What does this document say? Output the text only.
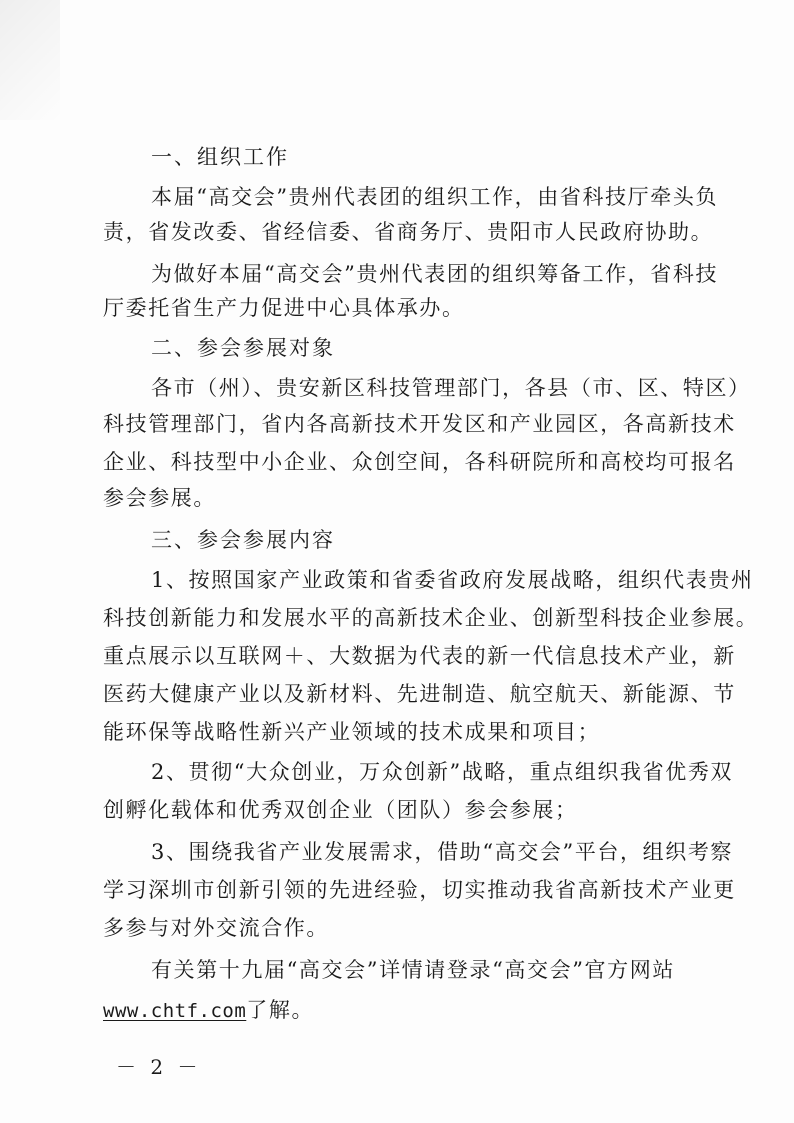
一、组织工作
本届“高交会”贵州代表团的组织工作，由省科技厅牵头负
责，省发改委、省经信委、省商务厅、贵阳市人民政府协助。
为做好本届“高交会”贵州代表团的组织筹备工作，省科技
厅委托省生产力促进中心具体承办。
二、参会参展对象
各市（州）、贵安新区科技管理部门，各县（市、区、特区）
科技管理部门，省内各高新技术开发区和产业园区，各高新技术
企业、科技型中小企业、众创空间，各科研院所和高校均可报名
参会参展。
三、参会参展内容
1、按照国家产业政策和省委省政府发展战略，组织代表贵州
科技创新能力和发展水平的高新技术企业、创新型科技企业参展。
重点展示以互联网＋、大数据为代表的新一代信息技术产业，新
医药大健康产业以及新材料、先进制造、航空航天、新能源、节
能环保等战略性新兴产业领域的技术成果和项目；
2、贯彻“大众创业，万众创新”战略，重点组织我省优秀双
创孵化载体和优秀双创企业（团队）参会参展；
3、围绕我省产业发展需求，借助“高交会”平台，组织考察
学习深圳市创新引领的先进经验，切实推动我省高新技术产业更
多参与对外交流合作。
有关第十九届“高交会”详情请登录“高交会”官方网站
www.chtf.com了解。
－ 2 －
